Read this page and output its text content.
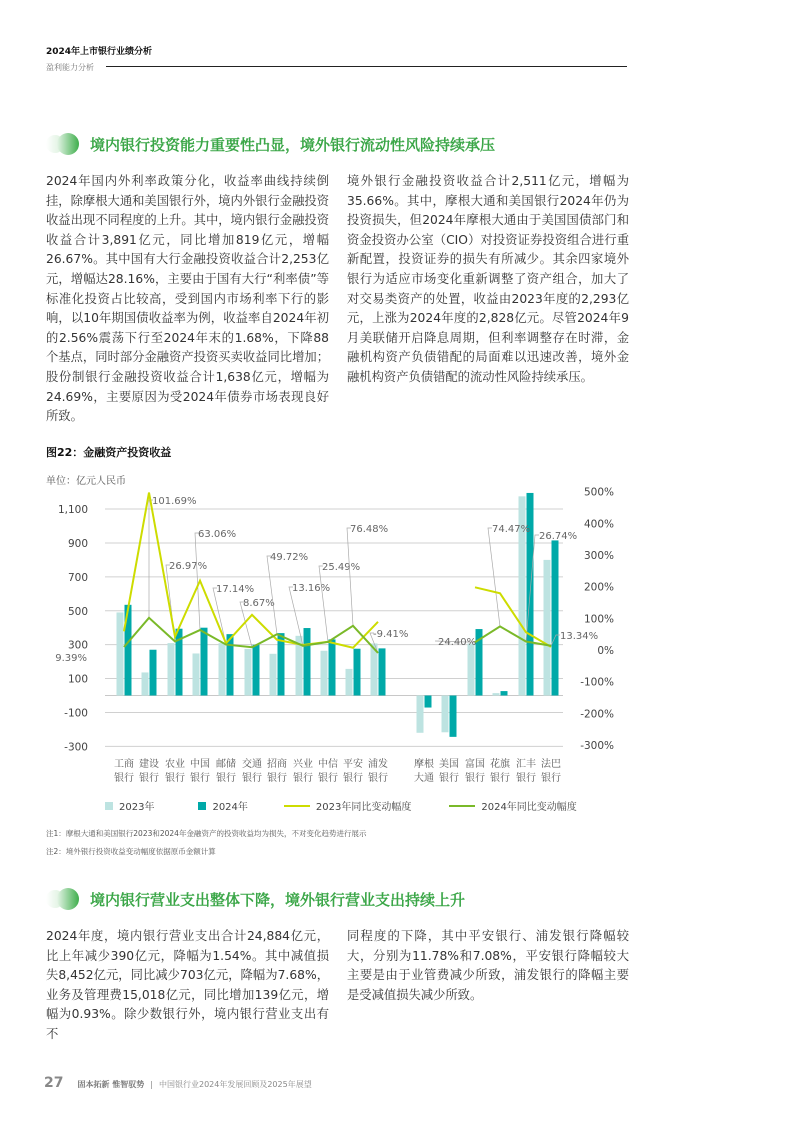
2024年上市银行业绩分析
盈利能力分析
境内银行投资能力重要性凸显，境外银行流动性风险持续承压
2024年国内外利率政策分化，收益率曲线持续倒挂，除摩根大通和美国银行外，境内外银行金融投资收益出现不同程度的上升。其中，境内银行金融投资收益合计3,891亿元，同比增加819亿元，增幅26.67%。其中国有大行金融投资收益合计2,253亿元，增幅达28.16%，主要由于国有大行“利率债”等标准化投资占比较高，受到国内市场利率下行的影响，以10年期国债收益率为例，收益率自2024年初的2.56%震荡下行至2024年末的1.68%，下降88个基点，同时部分金融资产投资买卖收益同比增加；股份制银行金融投资收益合计1,638亿元，增幅为24.69%，主要原因为受2024年债券市场表现良好所致。
境外银行金融投资收益合计2,511亿元，增幅为35.66%。其中，摩根大通和美国银行2024年仍为投资损失，但2024年摩根大通由于美国国债部门和资金投资办公室（CIO）对投资证券投资组合进行重新配置，投资证券的损失有所减少。其余四家境外银行为适应市场变化重新调整了资产组合，加大了对交易类资产的处置，收益由2023年度的2,293亿元，上涨为2024年度的2,828亿元。尽管2024年9月美联储开启降息周期，但利率调整存在时滞，金融机构资产负债错配的局面难以迅速改善，境外金融机构资产负债错配的流动性风险持续承压。
图22：金融资产投资收益
单位：亿元人民币
1,100
900
700
500
300
100
-100
-300
500%
400%
300%
200%
100%
0%
-100%
-200%
-300%
9.39%
101.69%
26.97%
63.06%
17.14%
8.67%
49.72%
13.16%
25.49%
76.48%
-9.41%
24.40%
74.47%
26.74%
13.34%
工商
银行
建设
银行
农业
银行
中国
银行
邮储
银行
交通
银行
招商
银行
兴业
银行
中信
银行
平安
银行
浦发
银行
摩根
大通
美国
银行
富国
银行
花旗
银行
汇丰
银行
法巴
银行
2023年	2024年	2023年同比变动幅度	2024年同比变动幅度
注1：摩根大通和美国银行2023和2024年金融资产的投资收益均为损失，不对变化趋势进行展示
注2：境外银行投资收益变动幅度依据原币金额计算
境内银行营业支出整体下降，境外银行营业支出持续上升
2024年度，境内银行营业支出合计24,884亿元，比上年减少390亿元，降幅为1.54%。其中减值损失8,452亿元，同比减少703亿元，降幅为7.68%，业务及管理费15,018亿元，同比增加139亿元，增幅为0.93%。除少数银行外，境内银行营业支出有不
同程度的下降，其中平安银行、浦发银行降幅较大，分别为11.78%和7.08%，平安银行降幅较大主要是由于业管费减少所致，浦发银行的降幅主要是受减值损失减少所致。
27 固本拓新 惟智驭势 | 中国银行业2024年发展回顾及2025年展望
